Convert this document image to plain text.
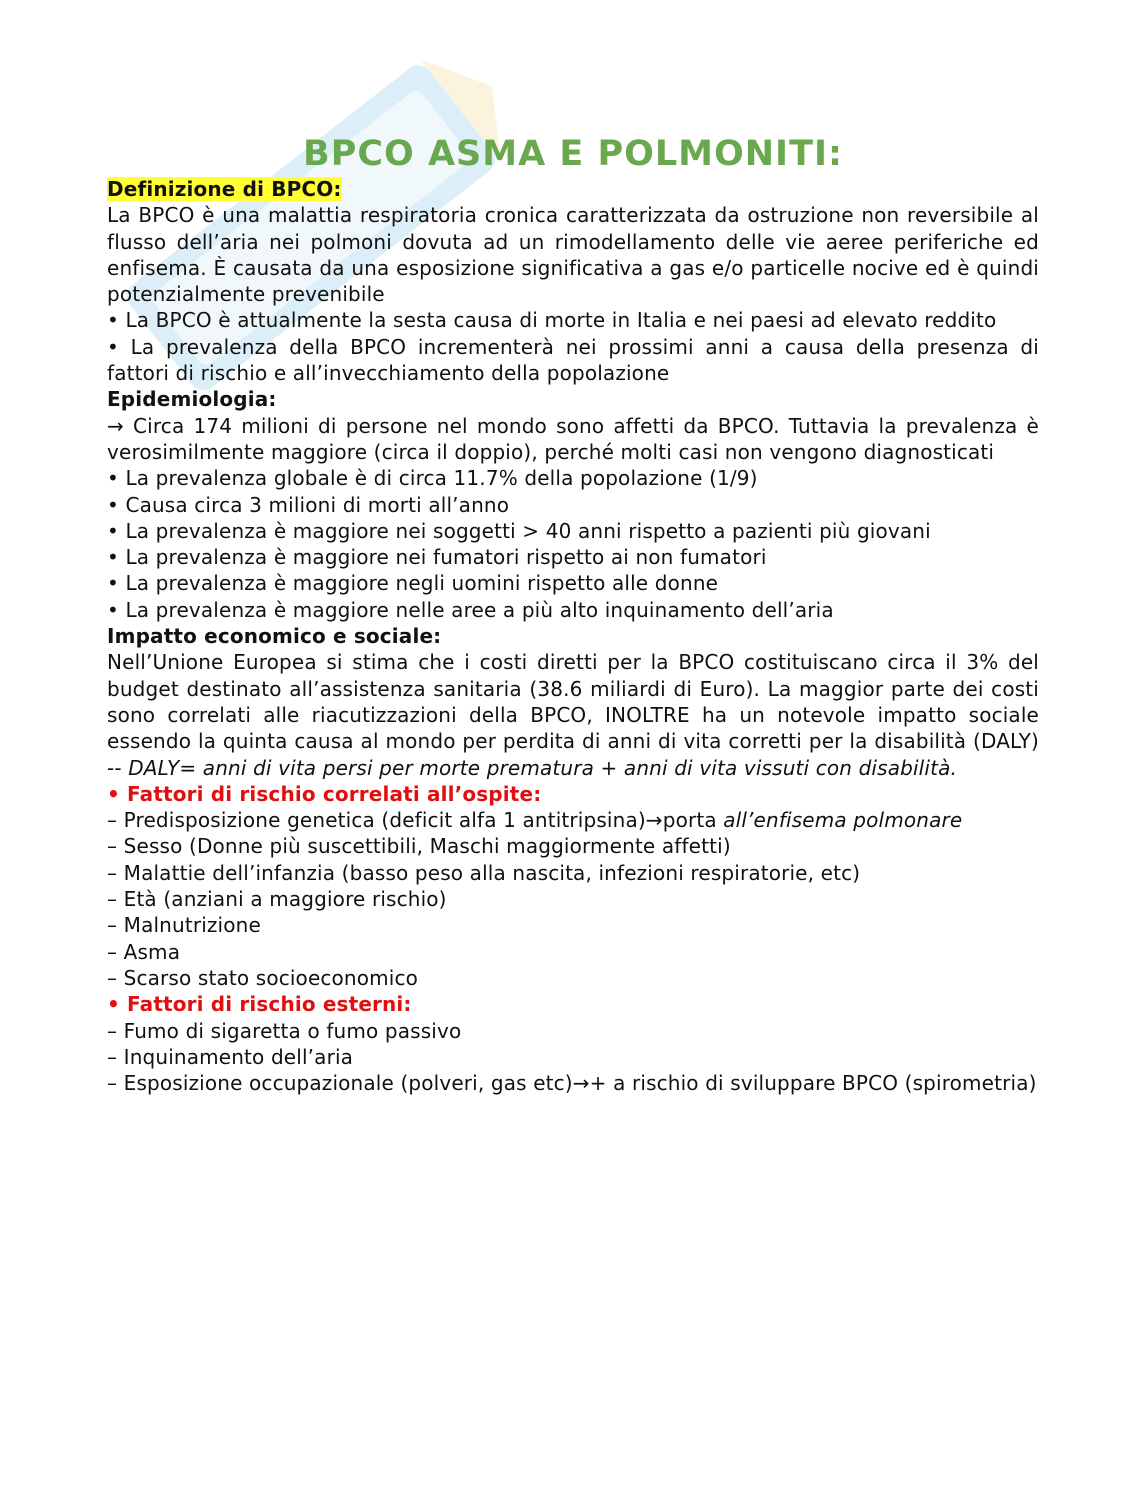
BPCO ASMA E POLMONITI:
Definizione di BPCO:

La BPCO è una malattia respiratoria cronica caratterizzata da ostruzione non reversibile al flusso dell’aria nei polmoni dovuta ad un rimodellamento delle vie aeree periferiche ed enfisema. È causata da una esposizione significativa a gas e/o particelle nocive ed è quindi potenzialmente prevenibile

• La BPCO è attualmente la sesta causa di morte in Italia e nei paesi ad elevato reddito

• La prevalenza della BPCO incrementerà nei prossimi anni a causa della presenza di fattori di rischio e all’invecchiamento della popolazione

Epidemiologia:

→ Circa 174 milioni di persone nel mondo sono affetti da BPCO. Tuttavia la prevalenza è verosimilmente maggiore (circa il doppio), perché molti casi non vengono diagnosticati

• La prevalenza globale è di circa 11.7% della popolazione (1/9)

• Causa circa 3 milioni di morti all’anno

• La prevalenza è maggiore nei soggetti > 40 anni rispetto a pazienti più giovani

• La prevalenza è maggiore nei fumatori rispetto ai non fumatori

• La prevalenza è maggiore negli uomini rispetto alle donne

• La prevalenza è maggiore nelle aree a più alto inquinamento dell’aria

Impatto economico e sociale:

Nell’Unione Europea si stima che i costi diretti per la BPCO costituiscano circa il 3% del budget destinato all’assistenza sanitaria (38.6 miliardi di Euro). La maggior parte dei costi sono correlati alle riacutizzazioni della BPCO, INOLTRE ha un notevole impatto sociale essendo la quinta causa al mondo per perdita di anni di vita corretti per la disabilità (DALY) -- DALY= anni di vita persi per morte prematura + anni di vita vissuti con disabilità.

• Fattori di rischio correlati all’ospite:

– Predisposizione genetica (deficit alfa 1 antitripsina)→porta all’enfisema polmonare

– Sesso (Donne più suscettibili, Maschi maggiormente affetti)

– Malattie dell’infanzia (basso peso alla nascita, infezioni respiratorie, etc)

– Età (anziani a maggiore rischio)

– Malnutrizione

– Asma

– Scarso stato socioeconomico

• Fattori di rischio esterni:

– Fumo di sigaretta o fumo passivo

– Inquinamento dell’aria

– Esposizione occupazionale (polveri, gas etc)→+ a rischio di sviluppare BPCO (spirometria)
